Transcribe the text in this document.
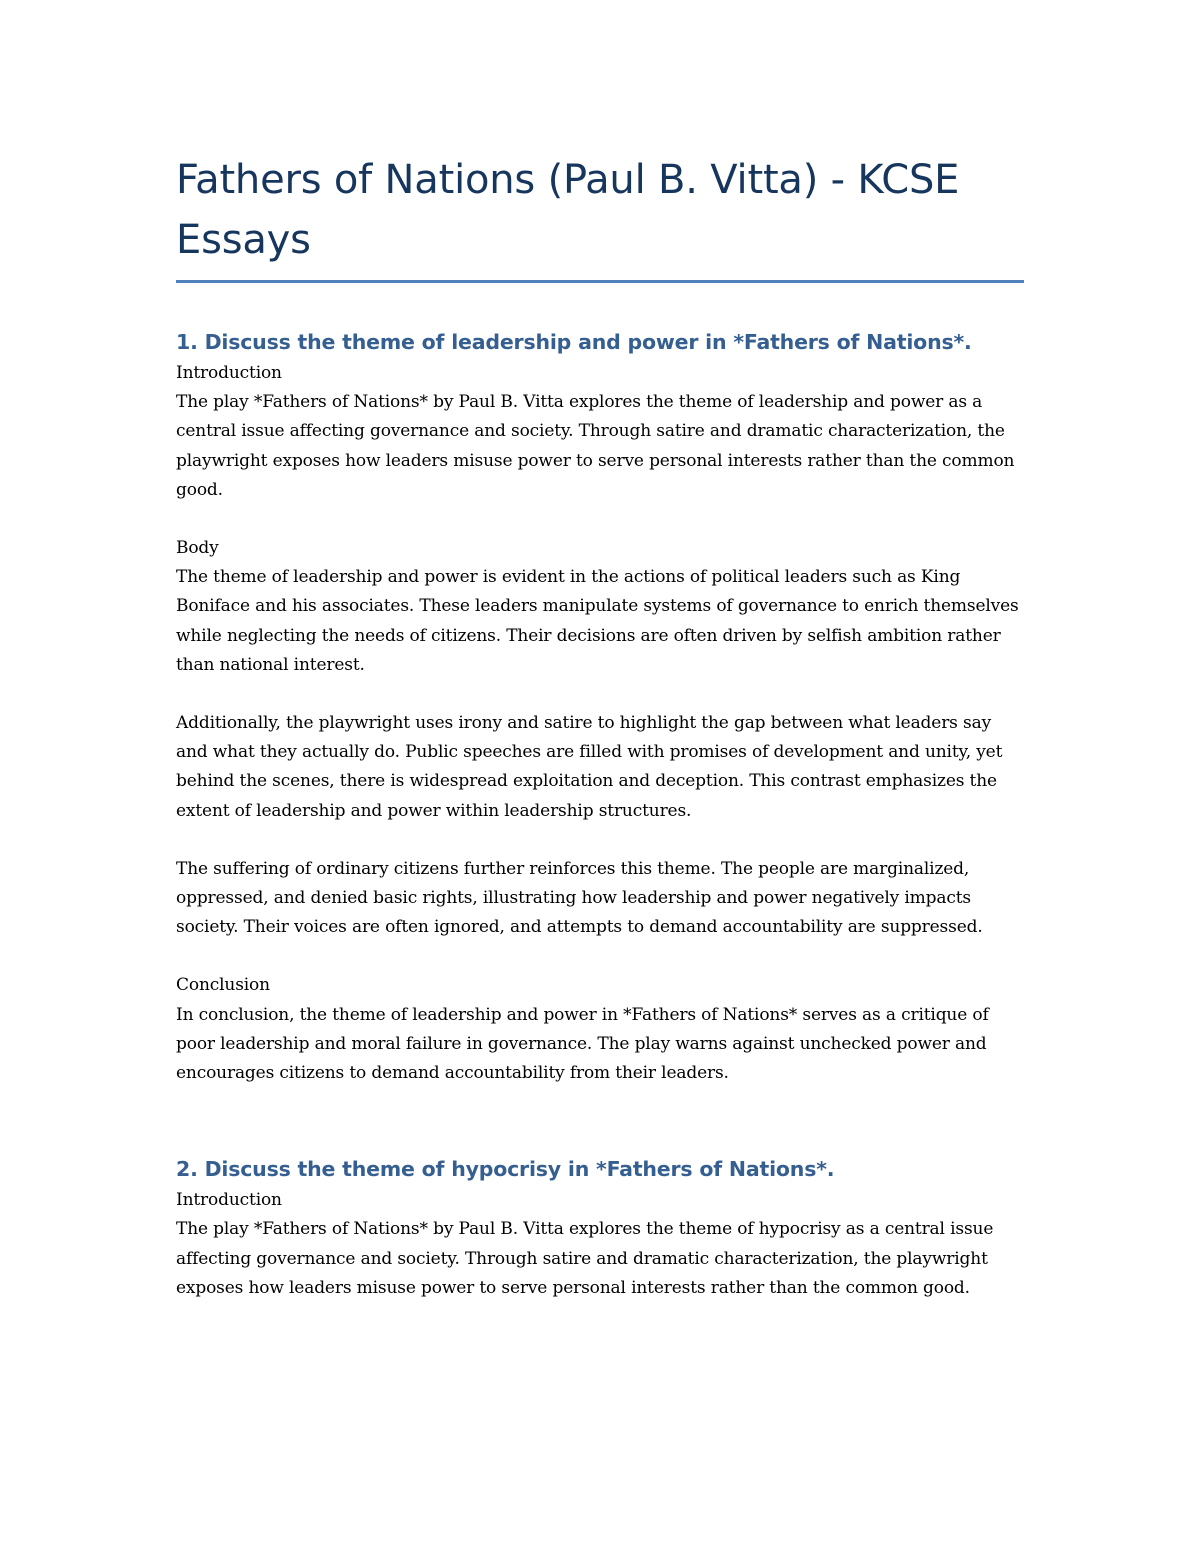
Fathers of Nations (Paul B. Vitta) - KCSE Essays
1. Discuss the theme of leadership and power in *Fathers of Nations*.

Introduction

The play *Fathers of Nations* by Paul B. Vitta explores the theme of leadership and power as a central issue affecting governance and society. Through satire and dramatic characterization, the playwright exposes how leaders misuse power to serve personal interests rather than the common good.

Body

The theme of leadership and power is evident in the actions of political leaders such as King Boniface and his associates. These leaders manipulate systems of governance to enrich themselves while neglecting the needs of citizens. Their decisions are often driven by selfish ambition rather than national interest.

Additionally, the playwright uses irony and satire to highlight the gap between what leaders say and what they actually do. Public speeches are filled with promises of development and unity, yet behind the scenes, there is widespread exploitation and deception. This contrast emphasizes the extent of leadership and power within leadership structures.

The suffering of ordinary citizens further reinforces this theme. The people are marginalized, oppressed, and denied basic rights, illustrating how leadership and power negatively impacts society. Their voices are often ignored, and attempts to demand accountability are suppressed.

Conclusion

In conclusion, the theme of leadership and power in *Fathers of Nations* serves as a critique of poor leadership and moral failure in governance. The play warns against unchecked power and encourages citizens to demand accountability from their leaders.

2. Discuss the theme of hypocrisy in *Fathers of Nations*.

Introduction

The play *Fathers of Nations* by Paul B. Vitta explores the theme of hypocrisy as a central issue affecting governance and society. Through satire and dramatic characterization, the playwright exposes how leaders misuse power to serve personal interests rather than the common good.
